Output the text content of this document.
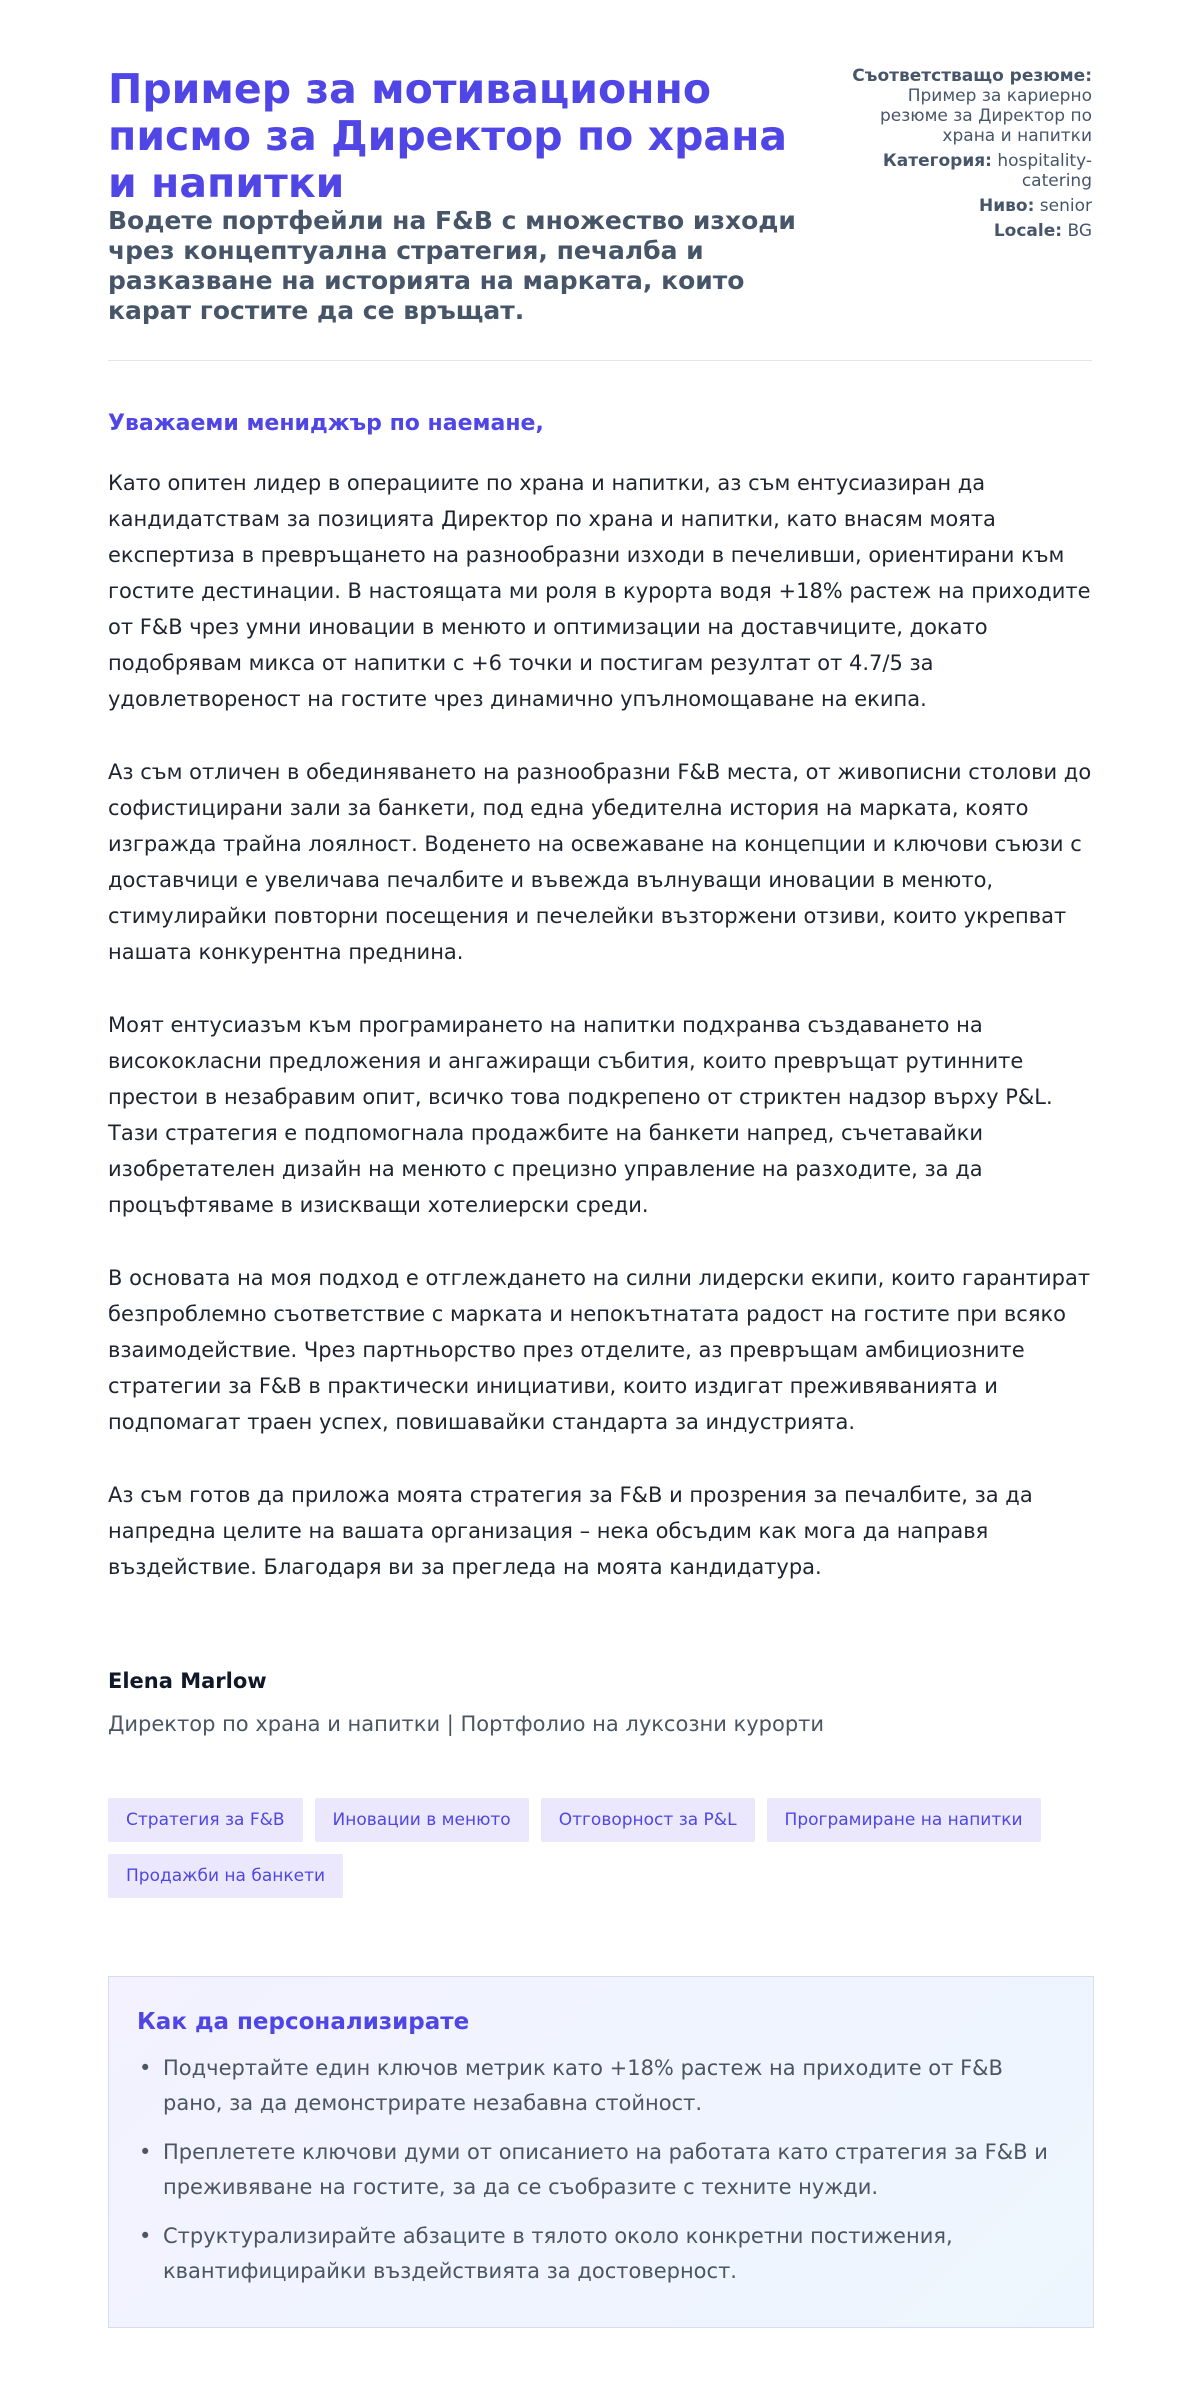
Пример за мотивационно писмо за Директор по храна и напитки
Водете портфейли на F&B с множество изходи чрез концептуална стратегия, печалба и разказване на историята на марката, които карат гостите да се връщат.
Съответстващо резюме: Пример за кариерно резюме за Директор по храна и напитки
Категория: hospitality-catering
Ниво: senior
Locale: BG

Уважаеми мениджър по наемане,

Като опитен лидер в операциите по храна и напитки, аз съм ентусиазиран да кандидатствам за позицията Директор по храна и напитки, като внасям моята експертиза в превръщането на разнообразни изходи в печеливши, ориентирани към гостите дестинации. В настоящата ми роля в курорта водя +18% растеж на приходите от F&B чрез умни иновации в менюто и оптимизации на доставчиците, докато подобрявам микса от напитки с +6 точки и постигам резултат от 4.7/5 за удовлетвореност на гостите чрез динамично упълномощаване на екипа.

Аз съм отличен в обединяването на разнообразни F&B места, от живописни столови до софистицирани зали за банкети, под една убедителна история на марката, която изгражда трайна лоялност. Воденето на освежаване на концепции и ключови съюзи с доставчици е увеличава печалбите и въвежда вълнуващи иновации в менюто, стимулирайки повторни посещения и печелейки възторжени отзиви, които укрепват нашата конкурентна преднина.

Моят ентусиазъм към програмирането на напитки подхранва създаването на висококласни предложения и ангажиращи събития, които превръщат рутинните престои в незабравим опит, всичко това подкрепено от стриктен надзор върху P&L. Тази стратегия е подпомогнала продажбите на банкети напред, съчетавайки изобретателен дизайн на менюто с прецизно управление на разходите, за да процъфтяваме в изискващи хотелиерски среди.

В основата на моя подход е отглеждането на силни лидерски екипи, които гарантират безпроблемно съответствие с марката и непокътнатата радост на гостите при всяко взаимодействие. Чрез партньорство през отделите, аз превръщам амбициозните стратегии за F&B в практически инициативи, които издигат преживяванията и подпомагат траен успех, повишавайки стандарта за индустрията.

Аз съм готов да приложа моята стратегия за F&B и прозрения за печалбите, за да напредна целите на вашата организация – нека обсъдим как мога да направя въздействие. Благодаря ви за прегледа на моята кандидатура.

Elena Marlow

Директор по храна и напитки | Портфолио на луксозни курорти

Стратегия за F&B	Иновации в менюто	Отговорност за P&L	Програмиране на напитки
Продажби на банкети
Как да персонализирате
• Подчертайте един ключов метрик като +18% растеж на приходите от F&B рано, за да демонстрирате незабавна стойност.
• Преплетете ключови думи от описанието на работата като стратегия за F&B и преживяване на гостите, за да се съобразите с техните нужди.
• Структурализирайте абзаците в тялото около конкретни постижения, квантифицирайки въздействията за достоверност.
